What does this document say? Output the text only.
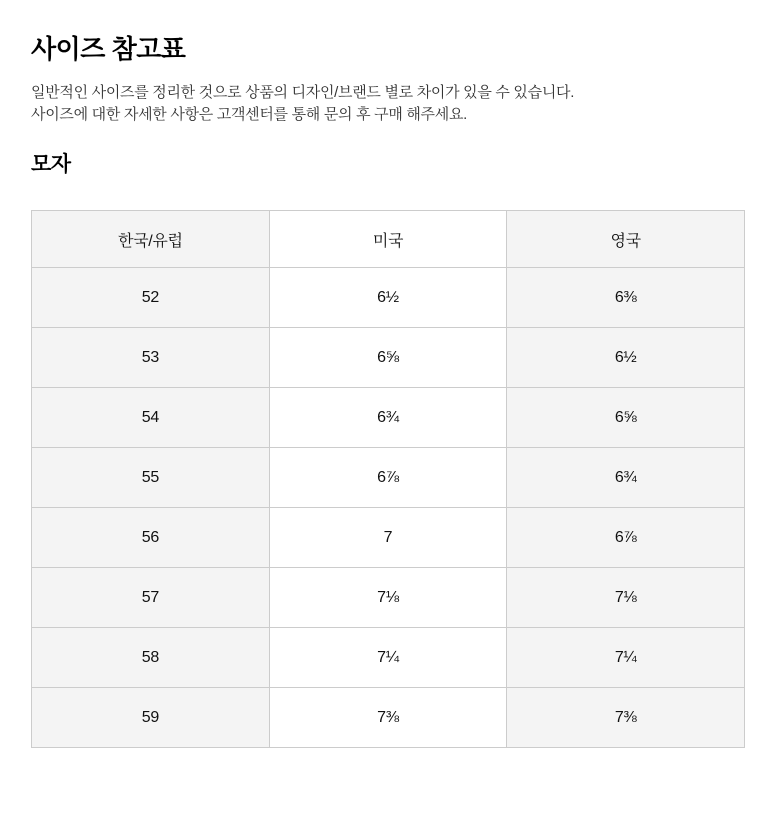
사이즈 참고표

일반적인 사이즈를 정리한 것으로 상품의 디자인/브랜드 별로 차이가 있을 수 있습니다.
사이즈에 대한 자세한 사항은 고객센터를 통해 문의 후 구매 해주세요.

모자
한국/유럽	미국	영국
52	6½	6⅜
53	6⅝	6½
54	6¾	6⅝
55	6⅞	6¾
56	7	6⅞
57	7⅛	7⅛
58	7¼	7¼
59	7⅜	7⅜
